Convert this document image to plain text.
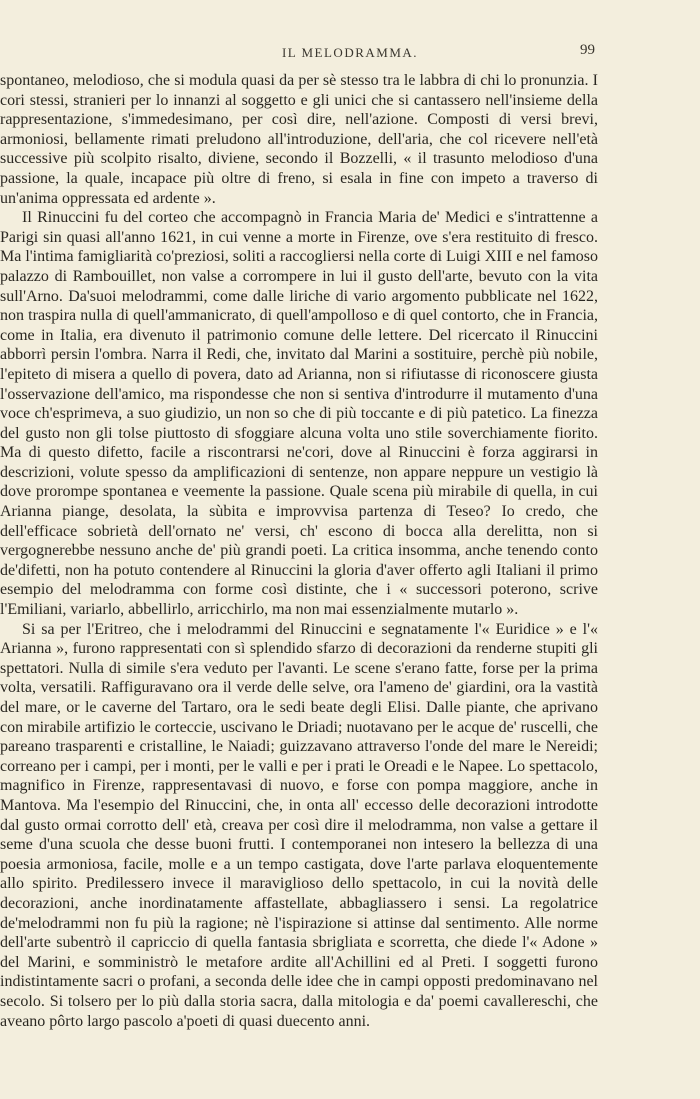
IL MELODRAMMA.	99

spontaneo, melodioso, che si modula quasi da per sè stesso tra le labbra di chi lo pronunzia. I cori stessi, stranieri per lo innanzi al soggetto e gli unici che si cantassero nell'insieme della rappresentazione, s'immedesimano, per così dire, nell'azione. Composti di versi brevi, armoniosi, bellamente rimati preludono all'introduzione, dell'aria, che col ricevere nell'età successive più scolpito risalto, diviene, secondo il Bozzelli, « il trasunto melodioso d'una passione, la quale, incapace più oltre di freno, si esala in fine con impeto a traverso di un'anima oppressata ed ardente ».

Il Rinuccini fu del corteo che accompagnò in Francia Maria de' Medici e s'intrattenne a Parigi sin quasi all'anno 1621, in cui venne a morte in Firenze, ove s'era restituito di fresco. Ma l'intima famigliarità co'preziosi, soliti a raccogliersi nella corte di Luigi XIII e nel famoso palazzo di Rambouillet, non valse a corrompere in lui il gusto dell'arte, bevuto con la vita sull'Arno. Da'suoi melodrammi, come dalle liriche di vario argomento pubblicate nel 1622, non traspira nulla di quell'ammanicrato, di quell'ampolloso e di quel contorto, che in Francia, come in Italia, era divenuto il patrimonio comune delle lettere. Del ricercato il Rinuccini abborrì persin l'ombra. Narra il Redi, che, invitato dal Marini a sostituire, perchè più nobile, l'epiteto di misera a quello di povera, dato ad Arianna, non si rifiutasse di riconoscere giusta l'osservazione dell'amico, ma rispondesse che non si sentiva d'introdurre il mutamento d'una voce ch'esprimeva, a suo giudizio, un non so che di più toccante e di più patetico. La finezza del gusto non gli tolse piuttosto di sfoggiare alcuna volta uno stile soverchiamente fiorito. Ma di questo difetto, facile a riscontrarsi ne'cori, dove al Rinuccini è forza aggirarsi in descrizioni, volute spesso da amplificazioni di sentenze, non appare neppure un vestigio là dove prorompe spontanea e veemente la passione. Quale scena più mirabile di quella, in cui Arianna piange, desolata, la sùbita e improvvisa partenza di Teseo? Io credo, che dell'efficace sobrietà dell'ornato ne' versi, ch' escono di bocca alla derelitta, non si vergognerebbe nessuno anche de' più grandi poeti. La critica insomma, anche tenendo conto de'difetti, non ha potuto contendere al Rinuccini la gloria d'aver offerto agli Italiani il primo esempio del melodramma con forme così distinte, che i « successori poterono, scrive l'Emiliani, variarlo, abbellirlo, arricchirlo, ma non mai essenzialmente mutarlo ».

Si sa per l'Eritreo, che i melodrammi del Rinuccini e segnatamente l'« Euridice » e l'« Arianna », furono rappresentati con sì splendido sfarzo di decorazioni da renderne stupiti gli spettatori. Nulla di simile s'era veduto per l'avanti. Le scene s'erano fatte, forse per la prima volta, versatili. Raffiguravano ora il verde delle selve, ora l'ameno de' giardini, ora la vastità del mare, or le caverne del Tartaro, ora le sedi beate degli Elisi. Dalle piante, che aprivano con mirabile artifizio le corteccie, uscivano le Driadi; nuotavano per le acque de' ruscelli, che pareano trasparenti e cristalline, le Naiadi; guizzavano attraverso l'onde del mare le Nereidi; correano per i campi, per i monti, per le valli e per i prati le Oreadi e le Napee. Lo spettacolo, magnifico in Firenze, rappresentavasi di nuovo, e forse con pompa maggiore, anche in Mantova. Ma l'esempio del Rinuccini, che, in onta all' eccesso delle decorazioni introdotte dal gusto ormai corrotto dell' età, creava per così dire il melodramma, non valse a gettare il seme d'una scuola che desse buoni frutti. I contemporanei non intesero la bellezza di una poesia armoniosa, facile, molle e a un tempo castigata, dove l'arte parlava eloquentemente allo spirito. Predilessero invece il maraviglioso dello spettacolo, in cui la novità delle decorazioni, anche inordinatamente affastellate, abbagliassero i sensi. La regolatrice de'melodrammi non fu più la ragione; nè l'ispirazione si attinse dal sentimento. Alle norme dell'arte subentrò il capriccio di quella fantasia sbrigliata e scorretta, che diede l'« Adone » del Marini, e somministrò le metafore ardite all'Achillini ed al Preti. I soggetti furono indistintamente sacri o profani, a seconda delle idee che in campi opposti predominavano nel secolo. Si tolsero per lo più dalla storia sacra, dalla mitologia e da' poemi cavallereschi, che aveano pôrto largo pascolo a'poeti di quasi duecento anni.
